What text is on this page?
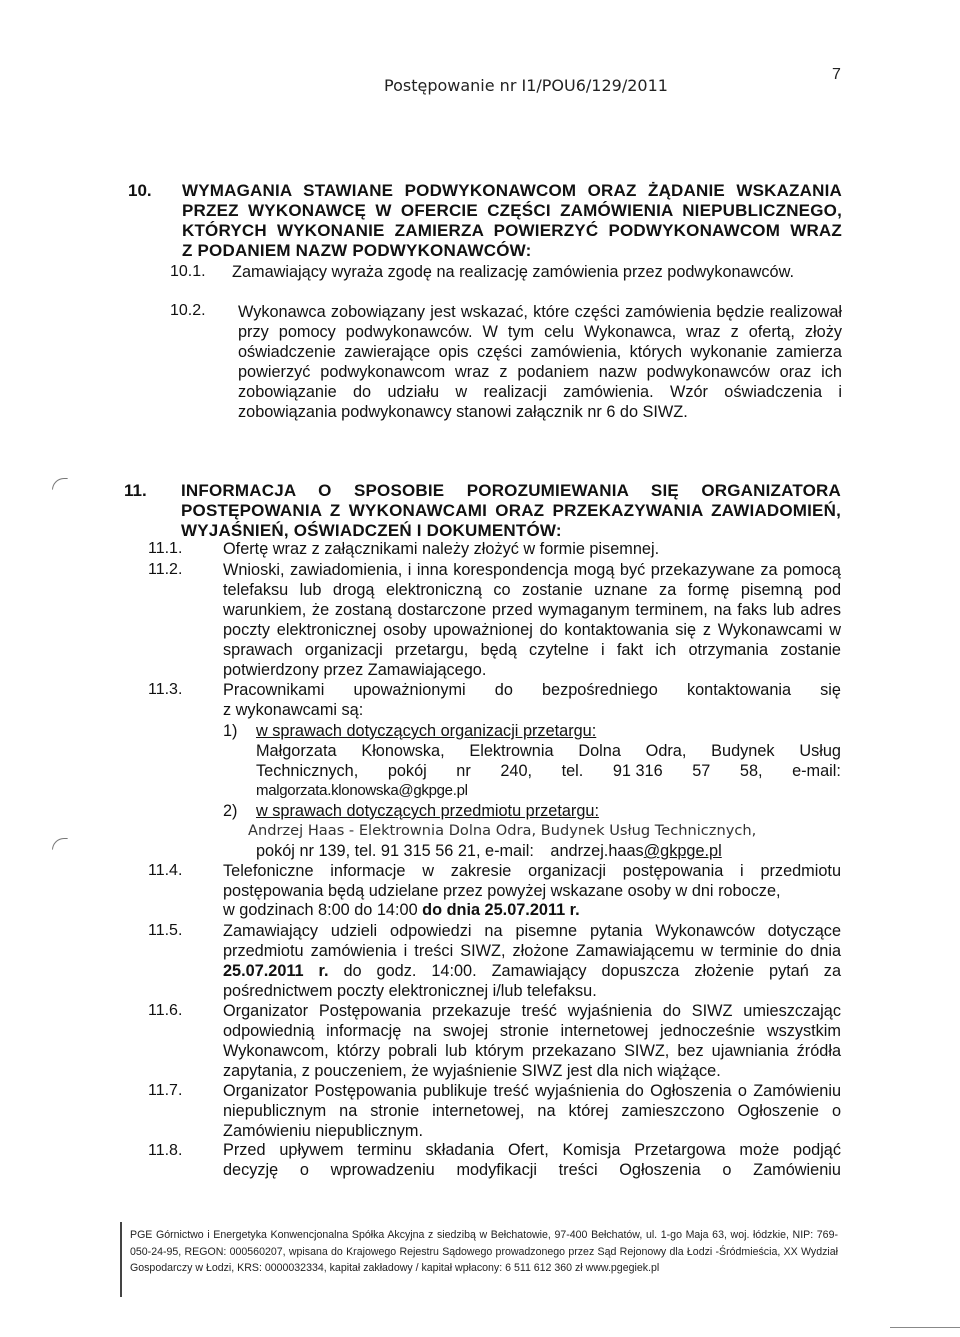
Postępowanie nr I1/POU6/129/2011
7
10. WYMAGANIA STAWIANE PODWYKONAWCOM ORAZ ŻĄDANIE WSKAZANIA
PRZEZ WYKONAWCĘ W OFERCIE CZĘŚCI ZAMÓWIENIA NIEPUBLICZNEGO,
KTÓRYCH WYKONANIE ZAMIERZA POWIERZYĆ PODWYKONAWCOM WRAZ
Z PODANIEM NAZW PODWYKONAWCÓW:
10.1. Zamawiający wyraża zgodę na realizację zamówienia przez podwykonawców.
10.2. Wykonawca zobowiązany jest wskazać, które części zamówienia będzie realizował przy pomocy podwykonawców. W tym celu Wykonawca, wraz z ofertą, złoży oświadczenie zawierające opis części zamówienia, których wykonanie zamierza powierzyć podwykonawcom wraz z podaniem nazw podwykonawców oraz ich zobowiązanie do udziału w realizacji zamówienia. Wzór oświadczenia i zobowiązania podwykonawcy stanowi załącznik nr 6 do SIWZ.
11. INFORMACJA O SPOSOBIE POROZUMIEWANIA SIĘ ORGANIZATORA
POSTĘPOWANIA Z WYKONAWCAMI ORAZ PRZEKAZYWANIA ZAWIADOMIEŃ,
WYJAŚNIEŃ, OŚWIADCZEŃ I DOKUMENTÓW:
11.1. Ofertę wraz z załącznikami należy złożyć w formie pisemnej.
11.2. Wnioski, zawiadomienia, i inna korespondencja mogą być przekazywane za pomocą telefaksu lub drogą elektroniczną co zostanie uznane za formę pisemną pod warunkiem, że zostaną dostarczone przed wymaganym terminem, na faks lub adres poczty elektronicznej osoby upoważnionej do kontaktowania się z Wykonawcami w sprawach organizacji przetargu, będą czytelne i fakt ich otrzymania zostanie potwierdzony przez Zamawiającego.
11.3. Pracownikami upoważnionymi do bezpośredniego kontaktowania się
z wykonawcami są:
1) w sprawach dotyczących organizacji przetargu:
Małgorzata Kłonowska, Elektrownia Dolna Odra, Budynek Usług
Technicznych, pokój nr 240, tel. 91 316 57 58, e-mail:
malgorzata.klonowska@gkpge.pl
2) w sprawach dotyczących przedmiotu przetargu:
Andrzej Haas - Elektrownia Dolna Odra, Budynek Usług Technicznych,
pokój nr 139, tel. 91 315 56 21, e-mail: andrzej.haas@gkpge.pl
11.4. Telefoniczne informacje w zakresie organizacji postępowania i przedmiotu postępowania będą udzielane przez powyżej wskazane osoby w dni robocze,
w godzinach 8:00 do 14:00 do dnia 25.07.2011 r.
11.5. Zamawiający udzieli odpowiedzi na pisemne pytania Wykonawców dotyczące przedmiotu zamówienia i treści SIWZ, złożone Zamawiającemu w terminie do dnia 25.07.2011 r. do godz. 14:00. Zamawiający dopuszcza złożenie pytań za pośrednictwem poczty elektronicznej i/lub telefaksu.
11.6. Organizator Postępowania przekazuje treść wyjaśnienia do SIWZ umieszczając odpowiednią informację na swojej stronie internetowej jednocześnie wszystkim Wykonawcom, którzy pobrali lub którym przekazano SIWZ, bez ujawniania źródła zapytania, z pouczeniem, że wyjaśnienie SIWZ jest dla nich wiążące.
11.7. Organizator Postępowania publikuje treść wyjaśnienia do Ogłoszenia o Zamówieniu niepublicznym na stronie internetowej, na której zamieszczono Ogłoszenie o Zamówieniu niepublicznym.
11.8. Przed upływem terminu składania Ofert, Komisja Przetargowa może podjąć
decyzję o wprowadzeniu modyfikacji treści Ogłoszenia o Zamówieniu
PGE Górnictwo i Energetyka Konwencjonalna Spółka Akcyjna z siedzibą w Bełchatowie, 97-400 Bełchatów, ul. 1-go Maja 63, woj. łódzkie, NIP: 769-050-24-95, REGON: 000560207, wpisana do Krajowego Rejestru Sądowego prowadzonego przez Sąd Rejonowy dla Łodzi -Śródmieścia, XX Wydział Gospodarczy w Łodzi, KRS: 0000032334, kapitał zakładowy / kapitał wpłacony: 6 511 612 360 zł www.pgegiek.pl
